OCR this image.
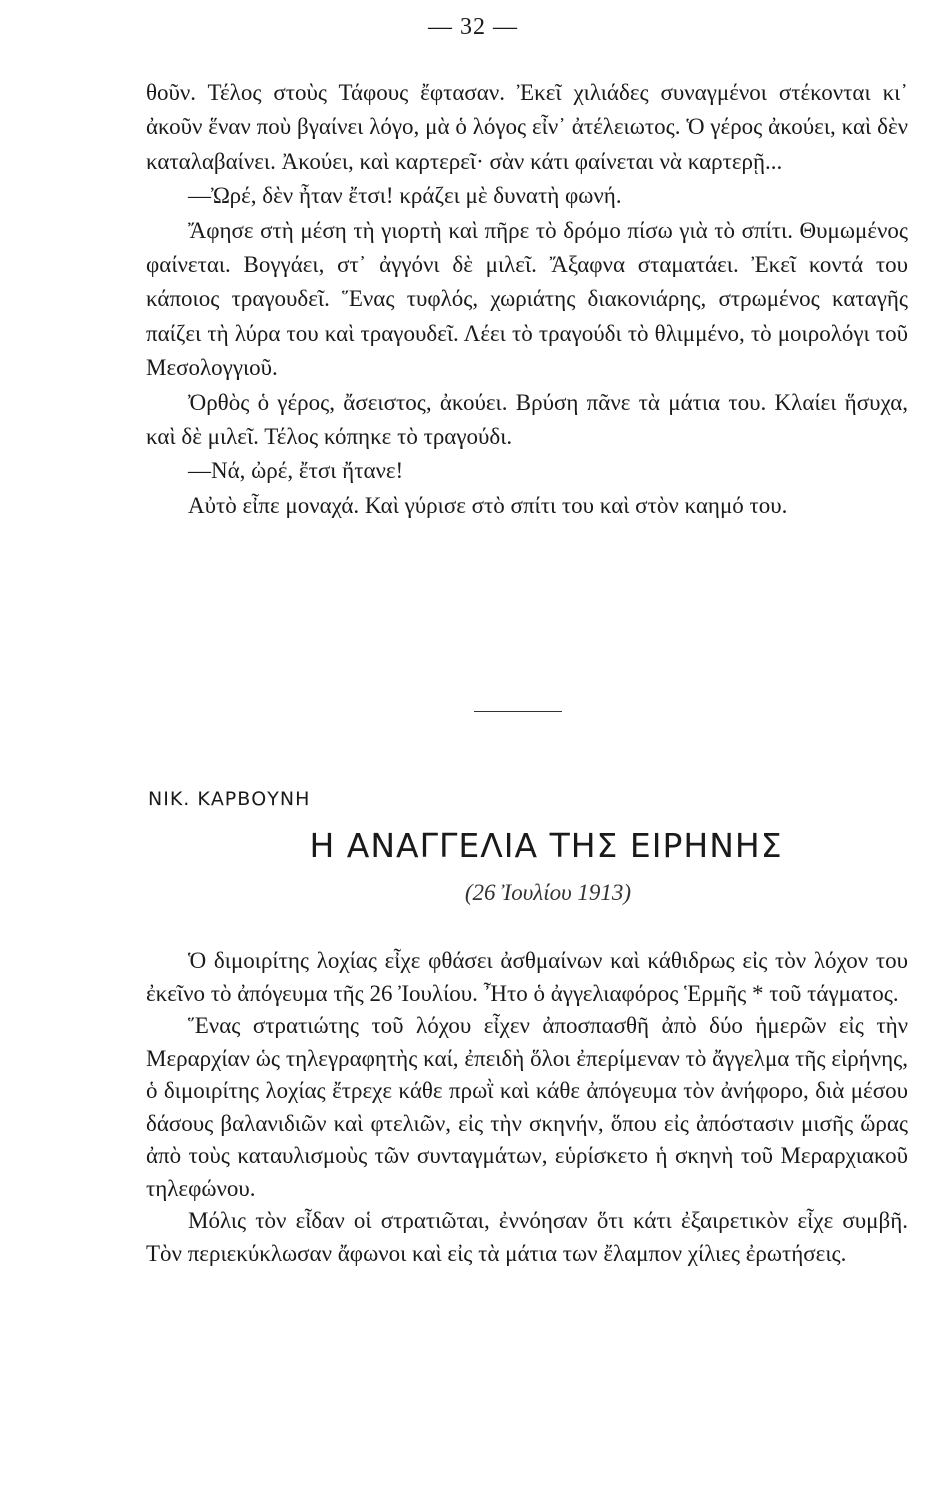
— 32 —

θοῦν. Τέλος στοὺς Τάφους ἔφτασαν. Ἐκεῖ χιλιάδες συναγμένοι στέκονται κι᾽ ἀκοῦν ἕναν ποὺ βγαίνει λόγο, μὰ ὁ λόγος εἶν᾽ ἀτέλειωτος. Ὁ γέρος ἀκούει, καὶ δὲν καταλαβαίνει. Ἀκούει, καὶ καρτερεῖ· σὰν κάτι φαίνεται νὰ καρτερῇ...

—Ὠρέ, δὲν ἦταν ἔτσι! κράζει μὲ δυνατὴ φωνή.

Ἄφησε στὴ μέση τὴ γιορτὴ καὶ πῆρε τὸ δρόμο πίσω γιὰ τὸ σπίτι. Θυμωμένος φαίνεται. Βογγάει, στ᾽ ἀγγόνι δὲ μιλεῖ. Ἄξαφνα σταματάει. Ἐκεῖ κοντά του κάποιος τραγουδεῖ. Ἕνας τυφλός, χωριάτης διακονιάρης, στρωμένος καταγῆς παίζει τὴ λύρα του καὶ τραγουδεῖ. Λέει τὸ τραγούδι τὸ θλιμμένο, τὸ μοιρολόγι τοῦ Μεσολογγιοῦ.

Ὀρθὸς ὁ γέρος, ἄσειστος, ἀκούει. Βρύση πᾶνε τὰ μάτια του. Κλαίει ἥσυχα, καὶ δὲ μιλεῖ. Τέλος κόπηκε τὸ τραγούδι.

—Νά, ὠρέ, ἔτσι ἤτανε!

Αὐτὸ εἶπε μοναχά. Καὶ γύρισε στὸ σπίτι του καὶ στὸν καημό του.

ΝΙΚ. ΚΑΡΒΟΥΝΗ
Η ΑΝΑΓΓΕΛΙΑ ΤΗΣ ΕΙΡΗΝΗΣ
(26 Ἰουλίου 1913)

Ὁ διμοιρίτης λοχίας εἶχε φθάσει ἀσθμαίνων καὶ κάθιδρως εἰς τὸν λόχον του ἐκεῖνο τὸ ἀπόγευμα τῆς 26 Ἰουλίου. Ἦτο ὁ ἀγγελιαφόρος Ἑρμῆς * τοῦ τάγματος.

Ἕνας στρατιώτης τοῦ λόχου εἶχεν ἀποσπασθῆ ἀπὸ δύο ἡμερῶν εἰς τὴν Μεραρχίαν ὡς τηλεγραφητὴς καί, ἐπειδὴ ὅλοι ἐπερίμεναν τὸ ἄγγελμα τῆς εἰρήνης, ὁ διμοιρίτης λοχίας ἔτρεχε κάθε πρωῒ καὶ κάθε ἀπόγευμα τὸν ἀνήφορο, διὰ μέσου δάσους βαλανιδιῶν καὶ φτελιῶν, εἰς τὴν σκηνήν, ὅπου εἰς ἀπόστασιν μισῆς ὥρας ἀπὸ τοὺς καταυλισμοὺς τῶν συνταγμάτων, εὑρίσκετο ἡ σκηνὴ τοῦ Μεραρχιακοῦ τηλεφώνου.

Μόλις τὸν εἶδαν οἱ στρατιῶται, ἐννόησαν ὅτι κάτι ἐξαιρετικὸν εἶχε συμβῆ. Τὸν περιεκύκλωσαν ἄφωνοι καὶ εἰς τὰ μάτια των ἔλαμπον χίλιες ἐρωτήσεις.
